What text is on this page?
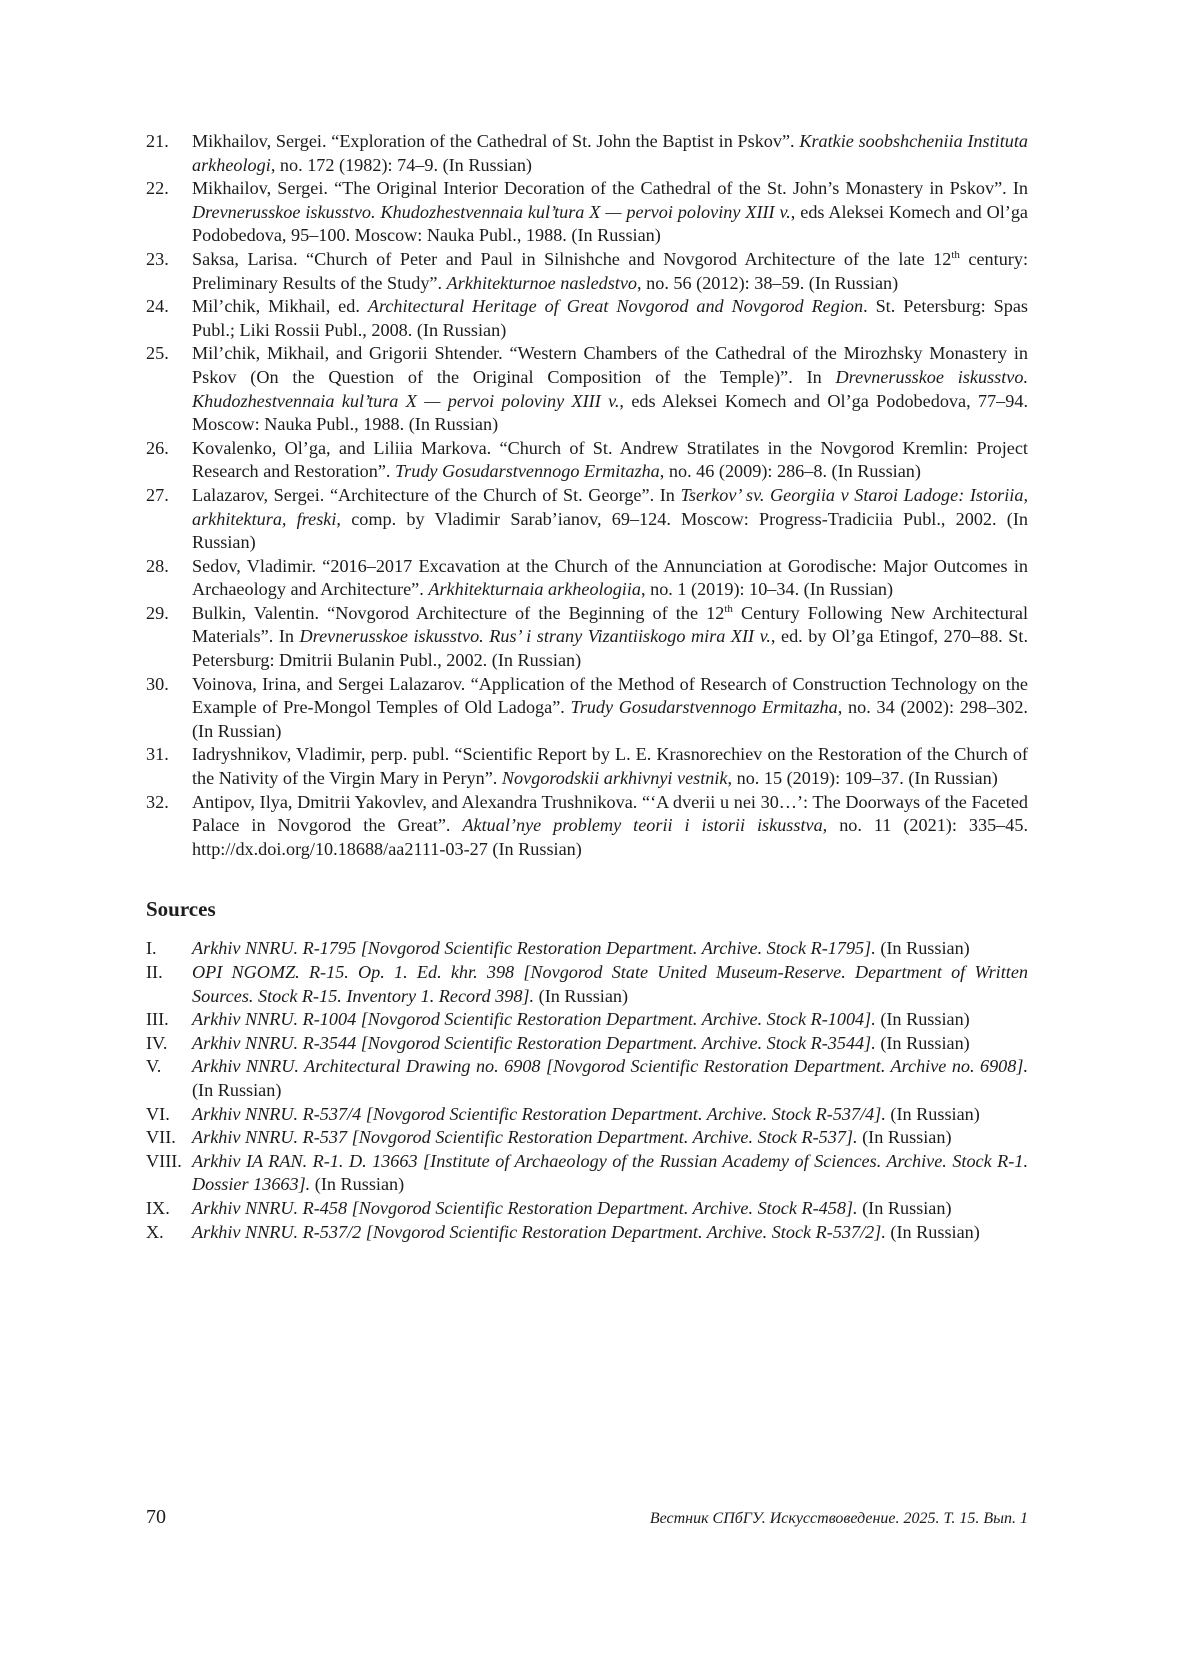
21.	Mikhailov, Sergei. “Exploration of the Cathedral of St. John the Baptist in Pskov”. Kratkie soobshcheniia Instituta arkheologi, no. 172 (1982): 74–9. (In Russian)
22.	Mikhailov, Sergei. “The Original Interior Decoration of the Cathedral of the St. John’s Monastery in Pskov”. In Drevnerusskoe iskusstvo. Khudozhestvennaia kul’tura X — pervoi poloviny XIII v., eds Aleksei Komech and Ol’ga Podobedova, 95–100. Moscow: Nauka Publ., 1988. (In Russian)
23.	Saksa, Larisa. “Church of Peter and Paul in Silnishche and Novgorod Architecture of the late 12th century: Preliminary Results of the Study”. Arkhitekturnoe nasledstvo, no. 56 (2012): 38–59. (In Russian)
24.	Mil’chik, Mikhail, ed. Architectural Heritage of Great Novgorod and Novgorod Region. St. Petersburg: Spas Publ.; Liki Rossii Publ., 2008. (In Russian)
25.	Mil’chik, Mikhail, and Grigorii Shtender. “Western Chambers of the Cathedral of the Mirozhsky Monastery in Pskov (On the Question of the Original Composition of the Temple)”. In Drevnerusskoe iskusstvo. Khudozhestvennaia kul’tura X — pervoi poloviny XIII v., eds Aleksei Komech and Ol’ga Podobedova, 77–94. Moscow: Nauka Publ., 1988. (In Russian)
26.	Kovalenko, Ol’ga, and Liliia Markova. “Church of St. Andrew Stratilates in the Novgorod Kremlin: Project Research and Restoration”. Trudy Gosudarstvennogo Ermitazha, no. 46 (2009): 286–8. (In Russian)
27.	Lalazarov, Sergei. “Architecture of the Church of St. George”. In Tserkov’ sv. Georgiia v Staroi Ladoge: Istoriia, arkhitektura, freski, comp. by Vladimir Sarab’ianov, 69–124. Moscow: Progress-Tradiciia Publ., 2002. (In Russian)
28.	Sedov, Vladimir. “2016–2017 Excavation at the Church of the Annunciation at Gorodische: Major Outcomes in Archaeology and Architecture”. Arkhitekturnaia arkheologiia, no. 1 (2019): 10–34. (In Russian)
29.	Bulkin, Valentin. “Novgorod Architecture of the Beginning of the 12th Century Following New Architectural Materials”. In Drevnerusskoe iskusstvo. Rus’ i strany Vizantiiskogo mira XII v., ed. by Ol’ga Etingof, 270–88. St. Petersburg: Dmitrii Bulanin Publ., 2002. (In Russian)
30.	Voinova, Irina, and Sergei Lalazarov. “Application of the Method of Research of Construction Technology on the Example of Pre-Mongol Temples of Old Ladoga”. Trudy Gosudarstvennogo Ermitazha, no. 34 (2002): 298–302. (In Russian)
31.	Iadryshnikov, Vladimir, perp. publ. “Scientific Report by L. E. Krasnorechiev on the Restoration of the Church of the Nativity of the Virgin Mary in Peryn”. Novgorodskii arkhivnyi vestnik, no. 15 (2019): 109–37. (In Russian)
32.	Antipov, Ilya, Dmitrii Yakovlev, and Alexandra Trushnikova. “‘A dverii u nei 30…’: The Doorways of the Faceted Palace in Novgorod the Great”. Aktual’nye problemy teorii i istorii iskusstva, no. 11 (2021): 335–45. http://dx.doi.org/10.18688/aa2111-03-27 (In Russian)
Sources
I.	Arkhiv NNRU. R-1795 [Novgorod Scientific Restoration Department. Archive. Stock R-1795]. (In Russian)
II.	OPI NGOMZ. R-15. Op. 1. Ed. khr. 398 [Novgorod State United Museum-Reserve. Department of Written Sources. Stock R-15. Inventory 1. Record 398]. (In Russian)
III.	Arkhiv NNRU. R-1004 [Novgorod Scientific Restoration Department. Archive. Stock R-1004]. (In Russian)
IV.	Arkhiv NNRU. R-3544 [Novgorod Scientific Restoration Department. Archive. Stock R-3544]. (In Russian)
V.	Arkhiv NNRU. Architectural Drawing no. 6908 [Novgorod Scientific Restoration Department. Archive no. 6908]. (In Russian)
VI.	Arkhiv NNRU. R-537/4 [Novgorod Scientific Restoration Department. Archive. Stock R-537/4]. (In Russian)
VII. Arkhiv NNRU. R-537 [Novgorod Scientific Restoration Department. Archive. Stock R-537]. (In Russian)
VIII. Arkhiv IA RAN. R-1. D. 13663 [Institute of Archaeology of the Russian Academy of Sciences. Archive. Stock R-1. Dossier 13663]. (In Russian)
IX.	Arkhiv NNRU. R-458 [Novgorod Scientific Restoration Department. Archive. Stock R-458]. (In Russian)
X.	Arkhiv NNRU. R-537/2 [Novgorod Scientific Restoration Department. Archive. Stock R-537/2]. (In Russian)
70	Вестник СПбГУ. Искусствоведение. 2025. Т. 15. Вып. 1
